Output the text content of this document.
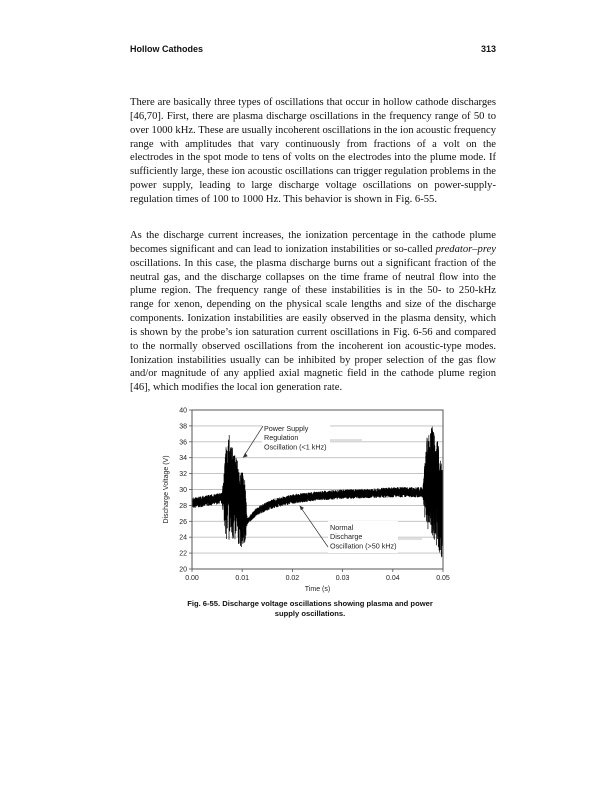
Hollow Cathodes	313

There are basically three types of oscillations that occur in hollow cathode discharges [46,70]. First, there are plasma discharge oscillations in the frequency range of 50 to over 1000 kHz. These are usually incoherent oscillations in the ion acoustic frequency range with amplitudes that vary continuously from fractions of a volt on the electrodes in the spot mode to tens of volts on the electrodes into the plume mode. If sufficiently large, these ion acoustic oscillations can trigger regulation problems in the power supply, leading to large discharge voltage oscillations on power-supply-regulation times of 100 to 1000 Hz. This behavior is shown in Fig. 6-55.

As the discharge current increases, the ionization percentage in the cathode plume becomes significant and can lead to ionization instabilities or so-called predator–prey oscillations. In this case, the plasma discharge burns out a significant fraction of the neutral gas, and the discharge collapses on the time frame of neutral flow into the plume region. The frequency range of these instabilities is in the 50- to 250-kHz range for xenon, depending on the physical scale lengths and size of the discharge components. Ionization instabilities are easily observed in the plasma density, which is shown by the probe’s ion saturation current oscillations in Fig. 6-56 and compared to the normally observed oscillations from the incoherent ion acoustic-type modes. Ionization instabilities usually can be inhibited by proper selection of the gas flow and/or magnitude of any applied axial magnetic field in the cathode plume region [46], which modifies the local ion generation rate.

20
22
24
26
28
30
32
34
36
38
40
0.00	0.01	0.02	0.03	0.04	0.05
Time (s)
Discharge Voltage (V)
Power Supply
Regulation
Oscillation (<1 kHz)
Normal
Discharge
Oscillation (>50 kHz)
Fig. 6-55. Discharge voltage oscillations showing plasma and power
supply oscillations.
